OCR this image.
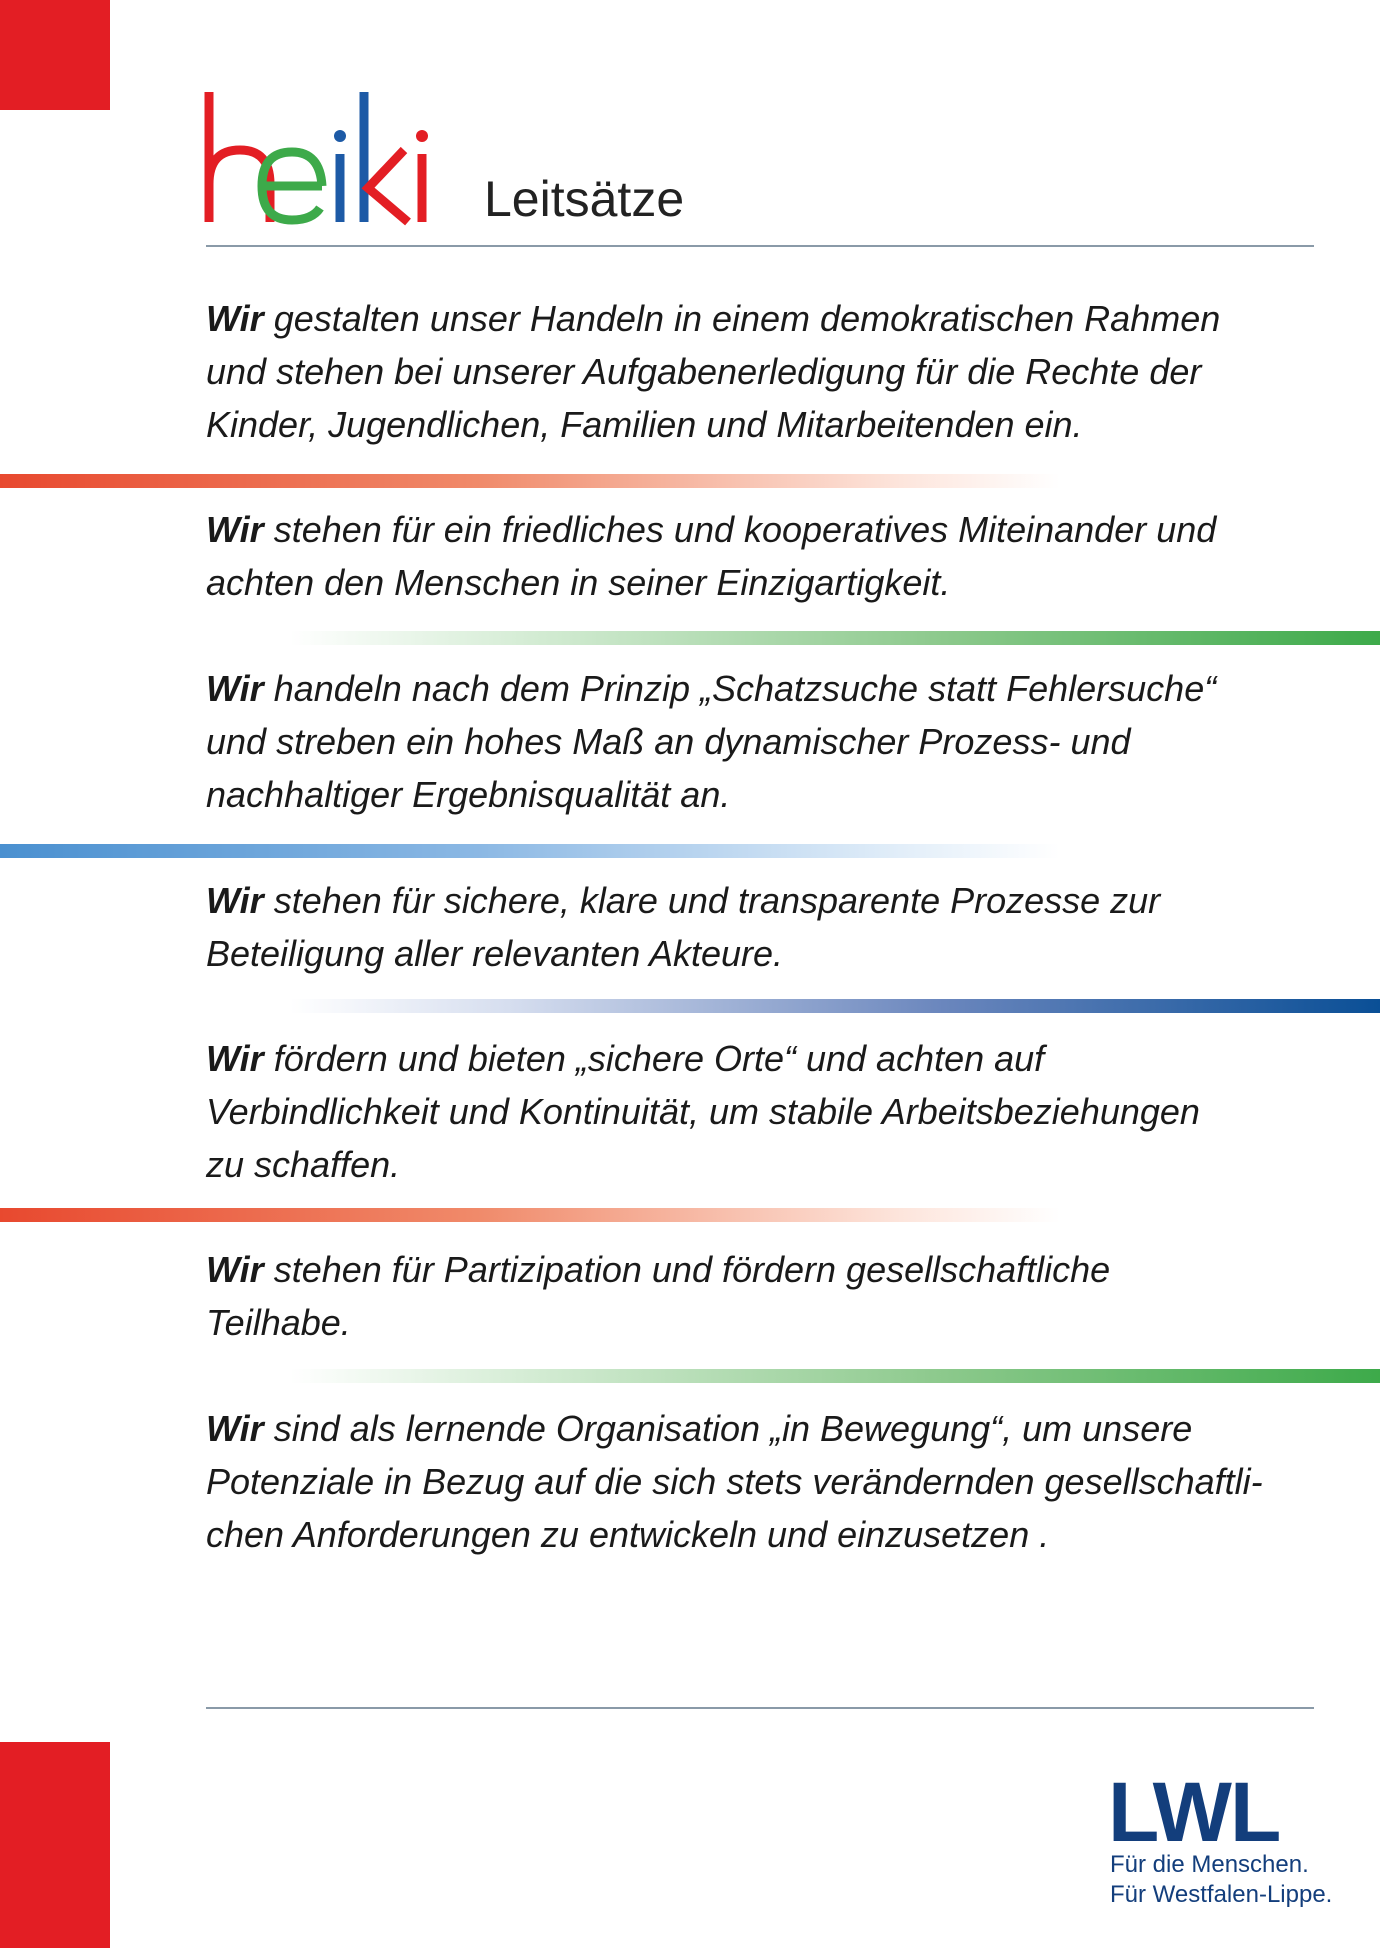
Leitsätze

Wir gestalten unser Handeln in einem demokratischen Rahmen
und stehen bei unserer Aufgabenerledigung für die Rechte der
Kinder, Jugendlichen, Familien und Mitarbeitenden ein.

Wir stehen für ein friedliches und kooperatives Miteinander und
achten den Menschen in seiner Einzigartigkeit.

Wir handeln nach dem Prinzip „Schatzsuche statt Fehlersuche“
und streben ein hohes Maß an dynamischer Prozess- und
nachhaltiger Ergebnisqualität an.

Wir stehen für sichere, klare und transparente Prozesse zur
Beteiligung aller relevanten Akteure.

Wir fördern und bieten „sichere Orte“ und achten auf
Verbindlichkeit und Kontinuität, um stabile Arbeitsbeziehungen
zu schaffen.

Wir stehen für Partizipation und fördern gesellschaftliche
Teilhabe.

Wir sind als lernende Organisation „in Bewegung“, um unsere
Potenziale in Bezug auf die sich stets verändernden gesellschaftli-
chen Anforderungen zu entwickeln und einzusetzen .

LWL

Für die Menschen.
Für Westfalen-Lippe.
